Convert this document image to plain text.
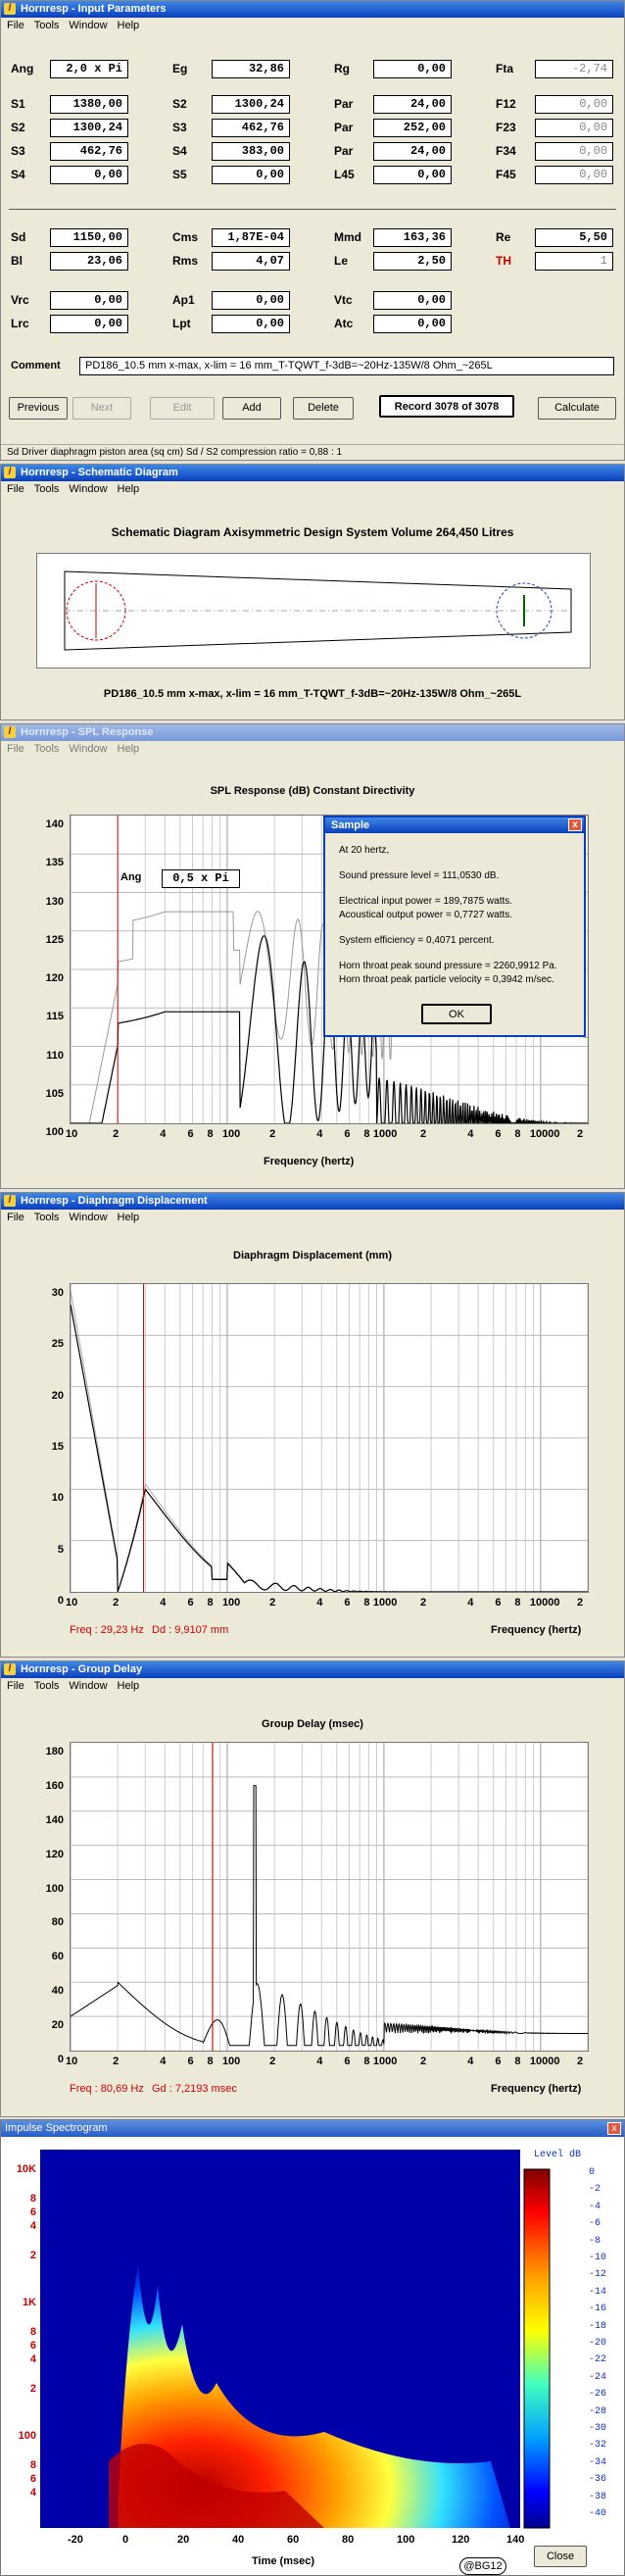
/ Hornresp - Input Parameters
File Tools Window Help
Ang	2,0 x Pi	Eg	32,86	Rg	0,00	Fta	-2,74
S1	1380,00	S2	1300,24	Par	24,00	F12	0,00
S2	1300,24	S3	462,76	Par	252,00	F23	0,00
S3	462,76	S4	383,00	Par	24,00	F34	0,00
S4	0,00	S5	0,00	L45	0,00	F45	0,00
Sd	1150,00	Cms	1,87E-04	Mmd	163,36	Re	5,50
Bl	23,06	Rms	4,07	Le	2,50	TH	1
Vrc	0,00	Ap1	0,00	Vtc	0,00
Lrc	0,00	Lpt	0,00	Atc	0,00
Comment	PD186_10.5 mm x-max, x-lim = 16 mm_T-TQWT_f-3dB=~20Hz-135W/8 Ohm_~265L
Previous	Next	Edit	Add	Delete	Record 3078 of 3078	Calculate
Sd Driver diaphragm piston area (sq cm) Sd / S2 compression ratio = 0,88 : 1
/ Hornresp - Schematic Diagram
File Tools Window Help
Schematic Diagram Axisymmetric Design System Volume 264,450 Litres
PD186_10.5 mm x-max, x-lim = 16 mm_T-TQWT_f-3dB=~20Hz-135W/8 Ohm_~265L
/ Hornresp - SPL Response
File Tools Window Help
SPL Response (dB) Constant Directivity
140
135
130
125
120
115
110
105
100 10	2	4 6 8 100	2	4 6 8 1000 2	4 6 8 10000 2
Ang	0,5 x Pi
Frequency (hertz)
Sample	x

At 20 hertz,

Sound pressure level = 111,0530 dB.

Electrical input power = 189,7875 watts.

Acoustical output power = 0,7727 watts.

System efficiency = 0,4071 percent.

Horn throat peak sound pressure = 2260,9912 Pa.

Horn throat peak particle velocity = 0,3942 m/sec.

OK
/ Hornresp - Diaphragm Displacement
File Tools Window Help
Diaphragm Displacement (mm)
30
25
20
15
10
5
0 10	2	4 6 8 100	2	4 6 8 1000 2	4 6 8 10000 2
Freq : 29,23 Hz Dd : 9,9107 mm	Frequency (hertz)
/ Hornresp - Group Delay
File Tools Window Help
Group Delay (msec)
180
160
140
120
100
80
60
40
20
0 10	2	4 6 8 100	2	4 6 8 1000 2	4 6 8 10000 2
Freq : 80,69 Hz Gd : 7,2193 msec	Frequency (hertz)
Impulse Spectrogram	x
10K
8
6
4
2
1K
8
6
4
2
100
8
6
4
-20	0	20	40	60	80	100	120	140
0
-2
-4
-6
-8
-10
-12
-14
-16
-18
-20
-22
-24
-26
-28
-30
-32
-34
-36
-38
-40
Level dB
Time (msec)	Close
@BG12
